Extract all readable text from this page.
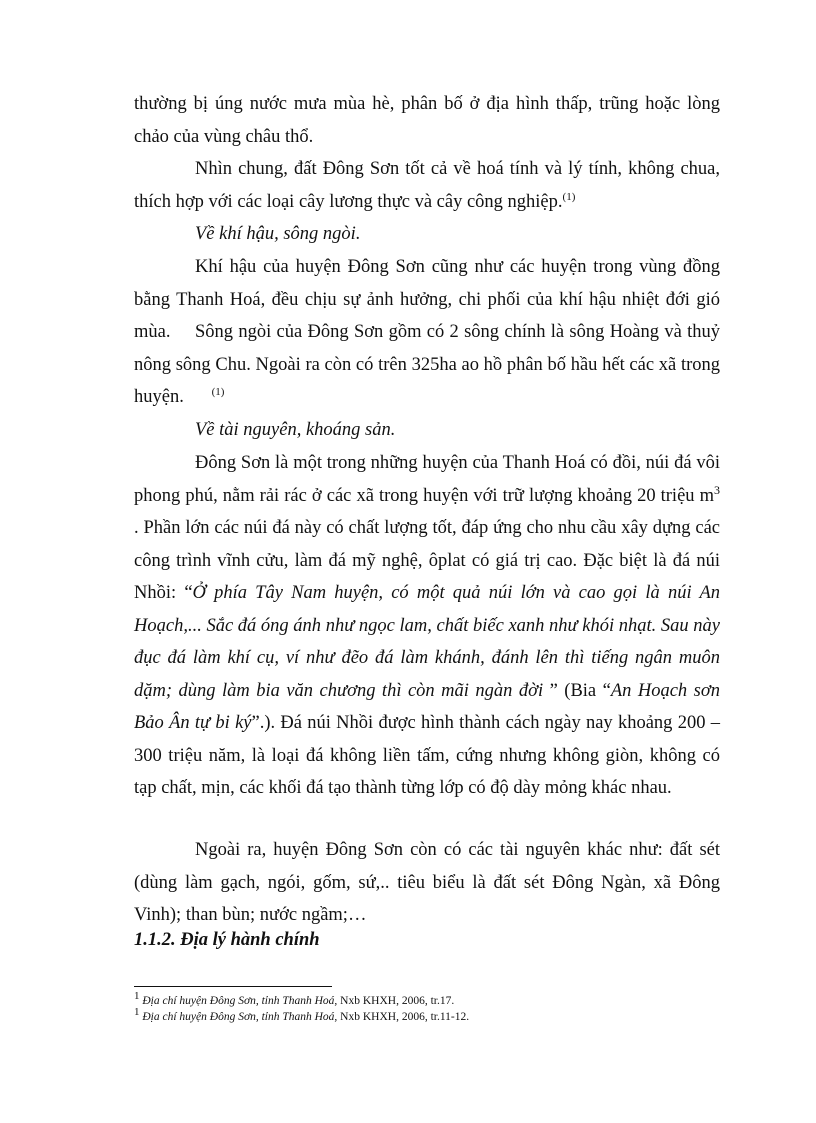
thường bị úng nước mưa mùa hè, phân bố ở địa hình thấp, trũng hoặc lòng chảo của vùng châu thổ.

Nhìn chung, đất Đông Sơn tốt cả về hoá tính và lý tính, không chua, thích hợp với các loại cây lương thực và cây công nghiệp.$^{(1)}$

Về khí hậu, sông ngòi.

Khí hậu của huyện Đông Sơn cũng như các huyện trong vùng đồng bằng Thanh Hoá, đều chịu sự ảnh hưởng, chi phối của khí hậu nhiệt đới gió mùa.	Sông ngòi của Đông Sơn gồm có 2 sông chính là sông Hoàng và thuỷ nông sông Chu. Ngoài ra còn có trên 325ha ao hồ phân bố hầu hết các xã trong huyện.	$^{(1)}$

Về tài nguyên, khoáng sản.

Đông Sơn là một trong những huyện của Thanh Hoá có đồi, núi đá vôi phong phú, nằm rải rác ở các xã trong huyện với trữ lượng khoảng 20 triệu m$^3$ . Phần lớn các núi đá này có chất lượng tốt, đáp ứng cho nhu cầu xây dựng các công trình vĩnh cửu, làm đá mỹ nghệ, ôplat có giá trị cao. Đặc biệt là đá núi Nhồi: “Ở phía Tây Nam huyện, có một quả núi lớn và cao gọi là núi An Hoạch,... Sắc đá óng ánh như ngọc lam, chất biếc xanh như khói nhạt. Sau này đục đá làm khí cụ, ví như đẽo đá làm khánh, đánh lên thì tiếng ngân muôn dặm; dùng làm bia văn chương thì còn mãi ngàn đời ” (Bia “An Hoạch sơn Bảo Ân tự bi ký”.). Đá núi Nhồi được hình thành cách ngày nay khoảng 200 – 300 triệu năm, là loại đá không liền tấm, cứng nhưng không giòn, không có tạp chất, mịn, các khối đá tạo thành từng lớp có độ dày mỏng khác nhau.

Ngoài ra, huyện Đông Sơn còn có các tài nguyên khác như: đất sét (dùng làm gạch, ngói, gốm, sứ,.. tiêu biểu là đất sét Đông Ngàn, xã Đông Vinh); than bùn; nước ngầm;…

1.1.2. Địa lý hành chính

$^1$ Địa chí huyện Đông Sơn, tỉnh Thanh Hoá, Nxb KHXH, 2006, tr.17.

$^1$ Địa chí huyện Đông Sơn, tỉnh Thanh Hoá, Nxb KHXH, 2006, tr.11-12.
